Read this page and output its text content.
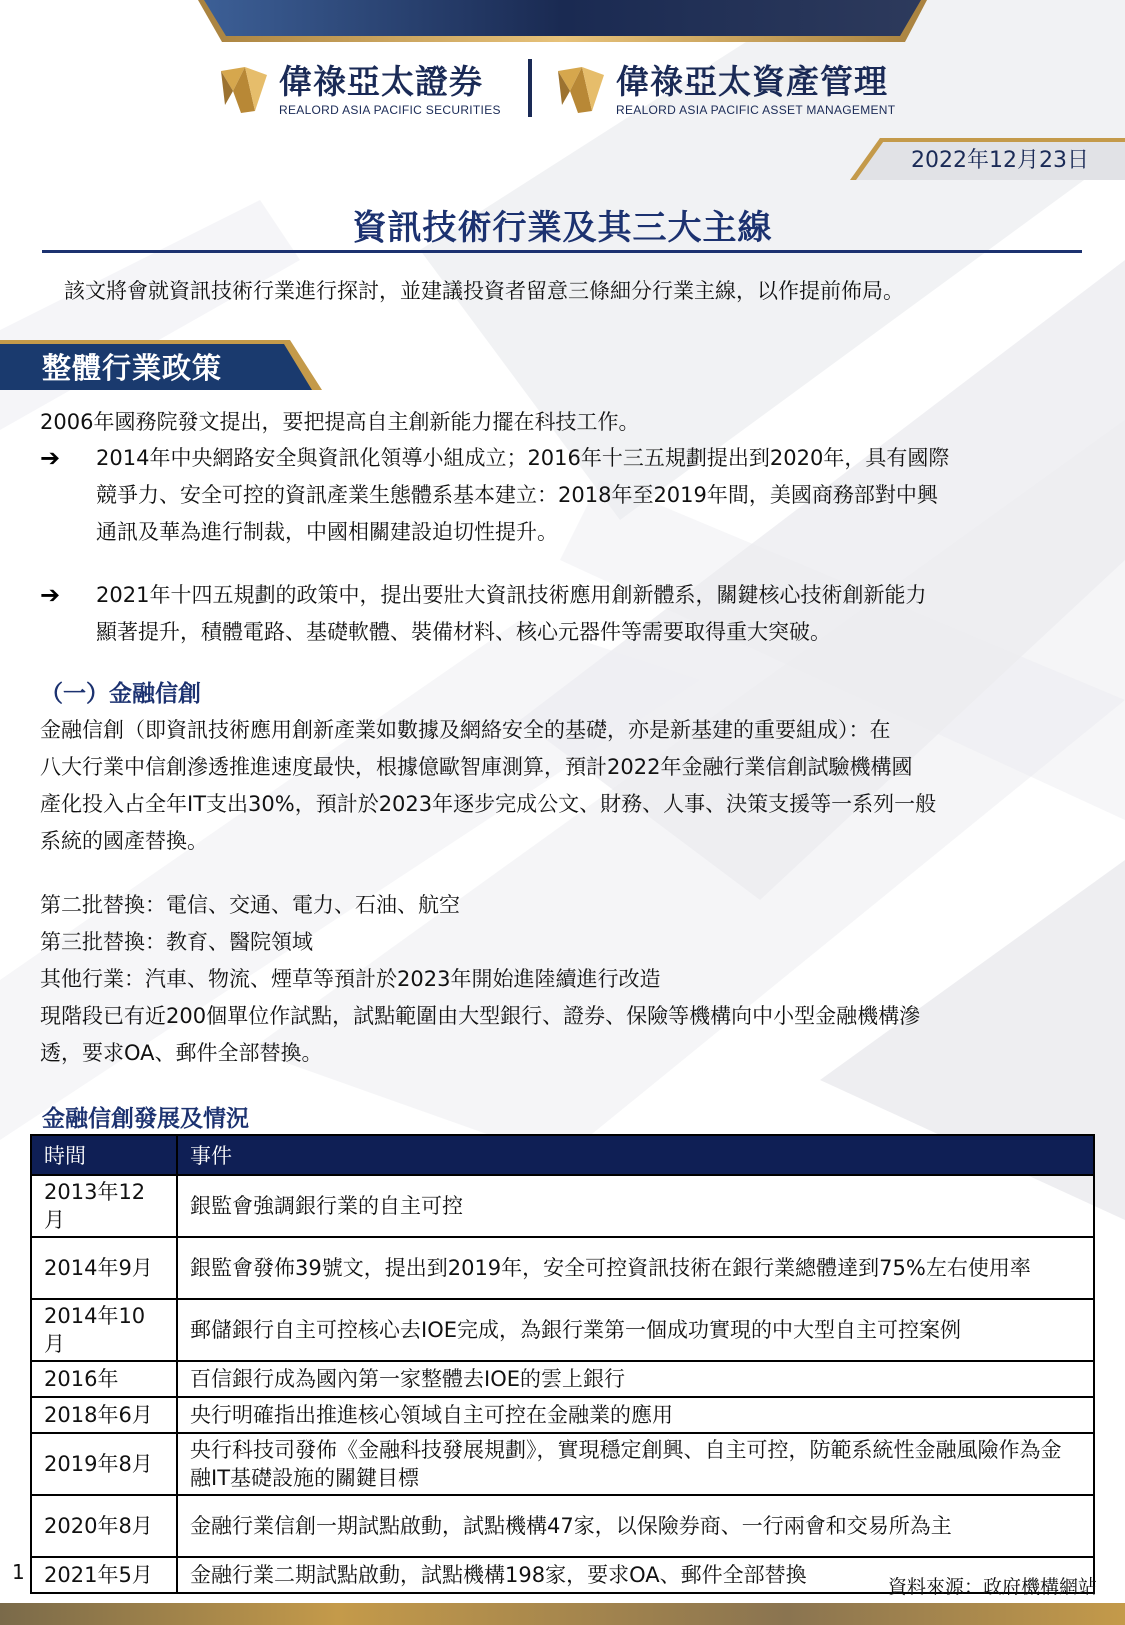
偉祿亞太證券
REALORD ASIA PACIFIC SECURITIES
偉祿亞太資產管理
REALORD ASIA PACIFIC ASSET MANAGEMENT
2022年12月23日
資訊技術行業及其三大主線
該文將會就資訊技術行業進行探討，並建議投資者留意三條細分行業主線，以作提前佈局。
整體行業政策
2006年國務院發文提出，要把提高自主創新能力擺在科技工作。
➔ 2014年中央網路安全與資訊化領導小組成立；2016年十三五規劃提出到2020年，具有國際
競爭力、安全可控的資訊產業生態體系基本建立：2018年至2019年間，美國商務部對中興
通訊及華為進行制裁，中國相關建設迫切性提升。
➔ 2021年十四五規劃的政策中，提出要壯大資訊技術應用創新體系，關鍵核心技術創新能力
顯著提升，積體電路、基礎軟體、裝備材料、核心元器件等需要取得重大突破。
（一）金融信創
金融信創（即資訊技術應用創新產業如數據及網絡安全的基礎，亦是新基建的重要組成）：在
八大行業中信創滲透推進速度最快，根據億歐智庫測算，預計2022年金融行業信創試驗機構國
產化投入占全年IT支出30%，預計於2023年逐步完成公文、財務、人事、決策支援等一系列一般
系統的國產替換。
第二批替換：電信、交通、電力、石油、航空
第三批替換：教育、醫院領域
其他行業：汽車、物流、煙草等預計於2023年開始進陸續進行改造
現階段已有近200個單位作試點，試點範圍由大型銀行、證券、保險等機構向中小型金融機構滲
透，要求OA、郵件全部替換。
金融信創發展及情況
時間	事件
2013年12月	銀監會強調銀行業的自主可控
2014年9月	銀監會發佈39號文，提出到2019年，安全可控資訊技術在銀行業總體達到75%左右使用率
2014年10月	郵儲銀行自主可控核心去IOE完成，為銀行業第一個成功實現的中大型自主可控案例
2016年	百信銀行成為國內第一家整體去IOE的雲上銀行
2018年6月	央行明確指出推進核心領域自主可控在金融業的應用
2019年8月	央行科技司發佈《金融科技發展規劃》，實現穩定創興、自主可控，防範系統性金融風險作為金融IT基礎設施的關鍵目標
2020年8月	金融行業信創一期試點啟動，試點機構47家，以保險券商、一行兩會和交易所為主
2021年5月	金融行業二期試點啟動，試點機構198家，要求OA、郵件全部替換
1
資料來源：政府機構網站
